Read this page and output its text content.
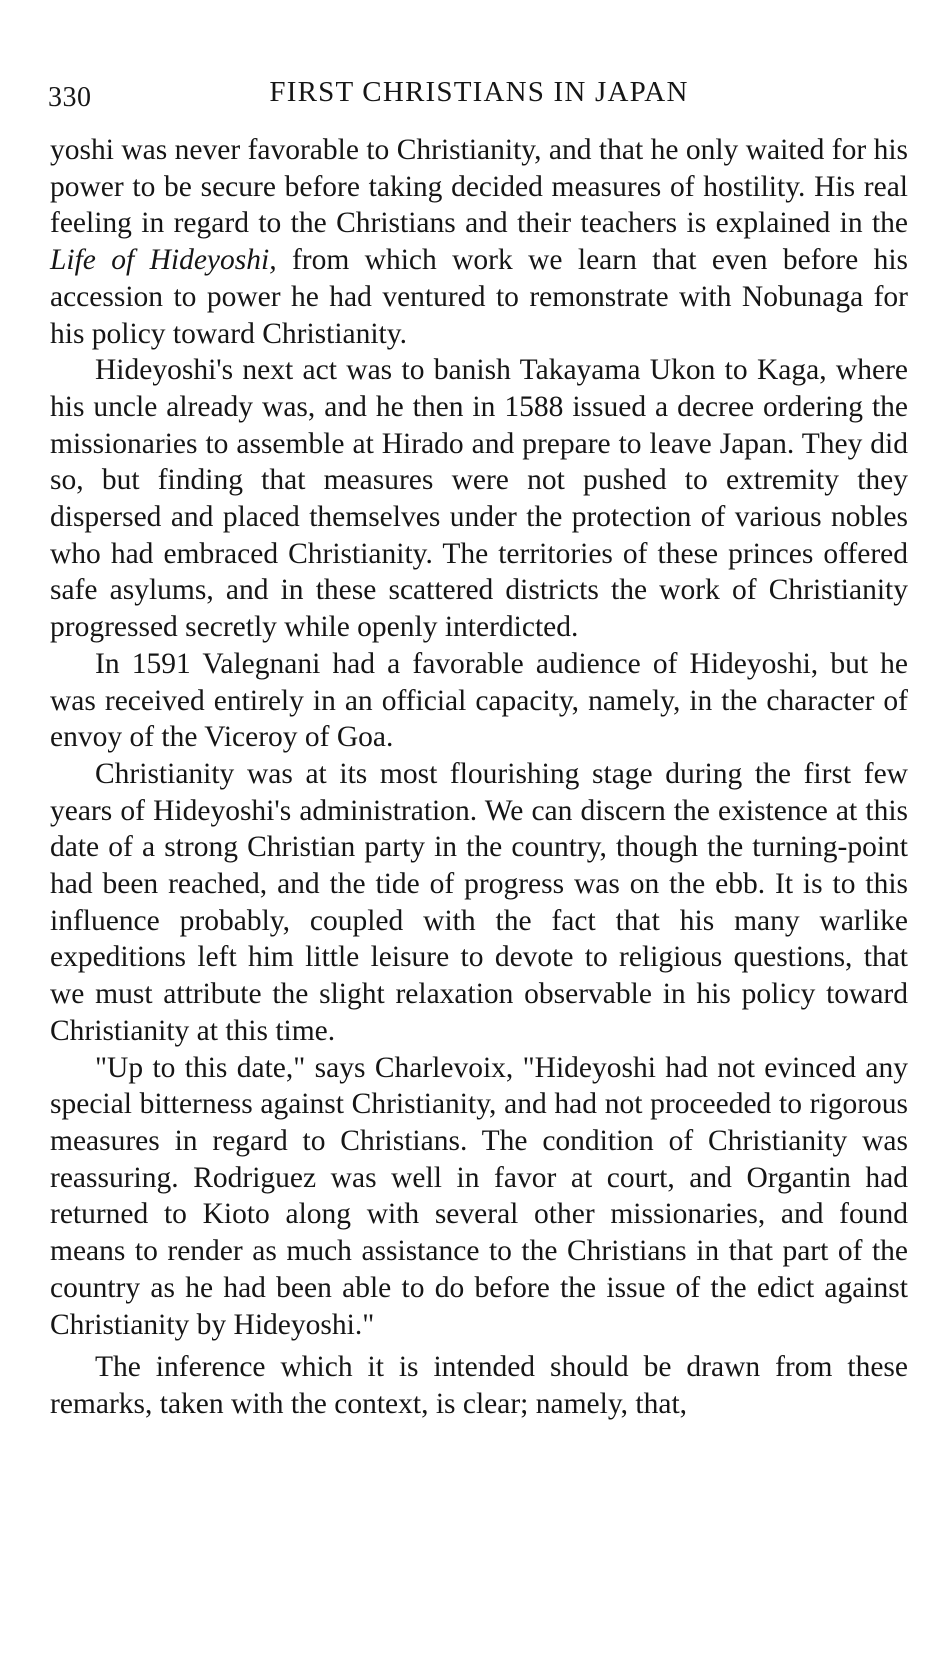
330	FIRST CHRISTIANS IN JAPAN

yoshi was never favorable to Christianity, and that he only waited for his power to be secure before taking decided measures of hostility. His real feeling in regard to the Christians and their teachers is explained in the Life of Hideyoshi, from which work we learn that even before his accession to power he had ventured to remonstrate with Nobunaga for his policy toward Christianity.

Hideyoshi's next act was to banish Takayama Ukon to Kaga, where his uncle already was, and he then in 1588 issued a decree ordering the missionaries to assemble at Hirado and prepare to leave Japan. They did so, but finding that measures were not pushed to extremity they dispersed and placed themselves under the protection of various nobles who had embraced Christianity. The territories of these princes offered safe asylums, and in these scattered districts the work of Christianity progressed secretly while openly interdicted.

In 1591 Valegnani had a favorable audience of Hideyoshi, but he was received entirely in an official capacity, namely, in the character of envoy of the Viceroy of Goa.

Christianity was at its most flourishing stage during the first few years of Hideyoshi's administration. We can discern the existence at this date of a strong Christian party in the country, though the turning-point had been reached, and the tide of progress was on the ebb. It is to this influence probably, coupled with the fact that his many warlike expeditions left him little leisure to devote to religious questions, that we must attribute the slight relaxation observable in his policy toward Christianity at this time.

"Up to this date," says Charlevoix, "Hideyoshi had not evinced any special bitterness against Christianity, and had not proceeded to rigorous measures in regard to Christians. The condition of Christianity was reassuring. Rodriguez was well in favor at court, and Organtin had returned to Kioto along with several other missionaries, and found means to render as much assistance to the Christians in that part of the country as he had been able to do before the issue of the edict against Christianity by Hideyoshi."

The inference which it is intended should be drawn from these remarks, taken with the context, is clear; namely, that,
